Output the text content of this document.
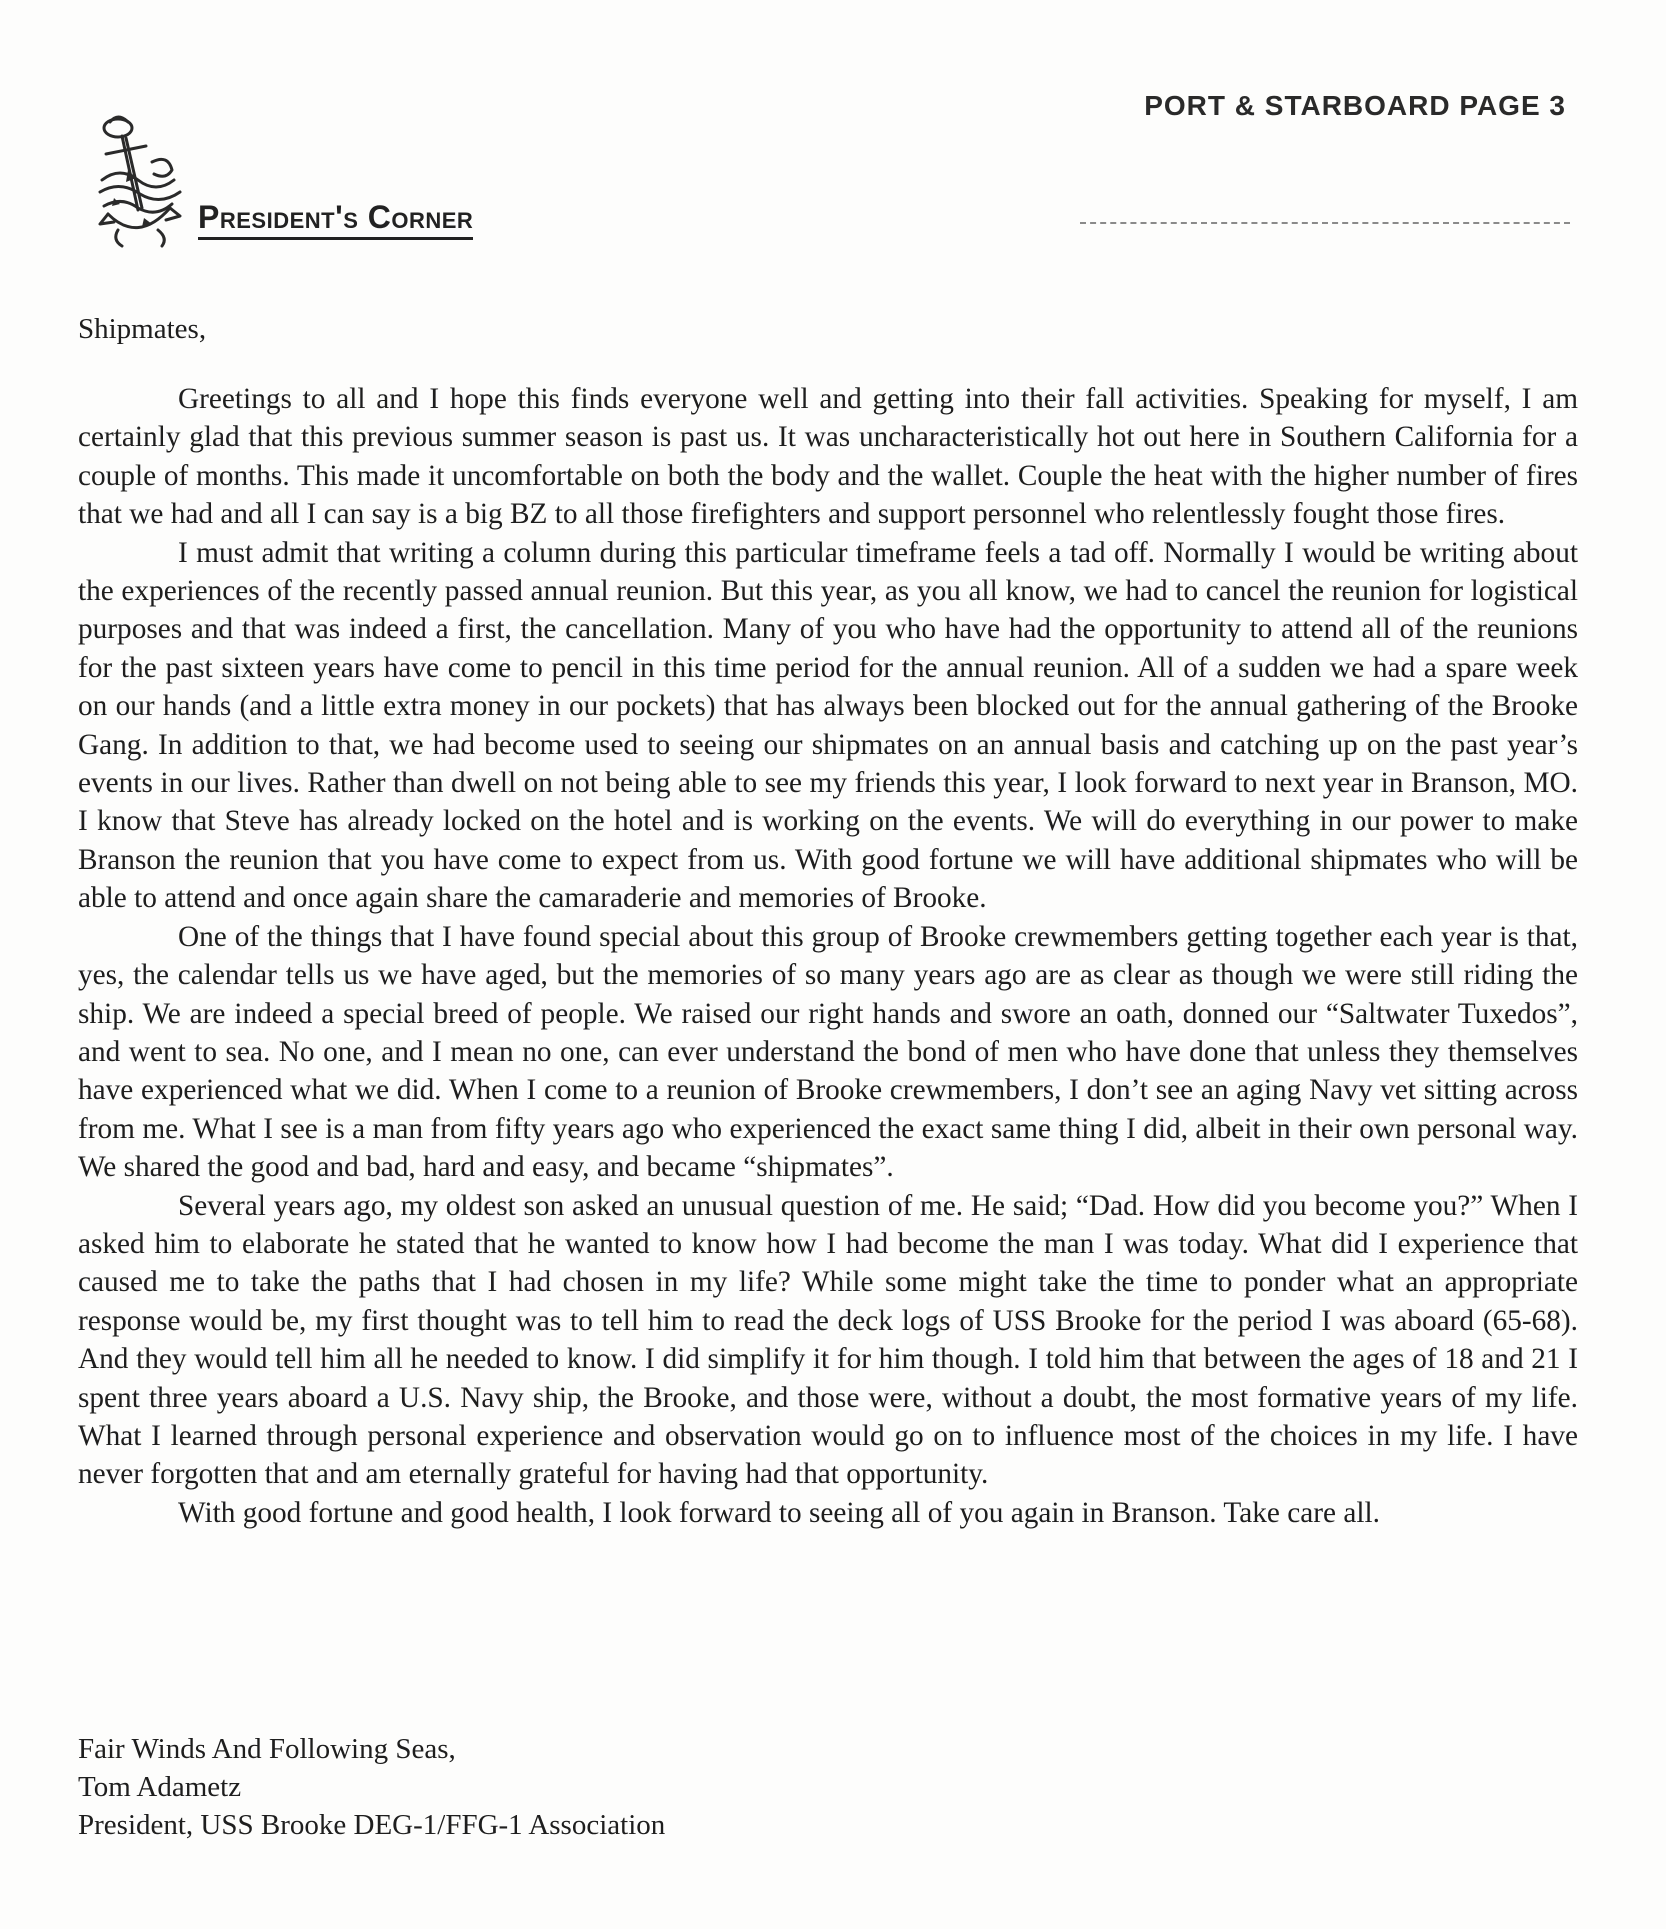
PORT & STARBOARD PAGE 3
President's Corner
Shipmates,

Greetings to all and I hope this finds everyone well and getting into their fall activities. Speaking for myself, I am certainly glad that this previous summer season is past us. It was uncharacteristically hot out here in Southern California for a couple of months. This made it uncomfortable on both the body and the wallet. Couple the heat with the higher number of fires that we had and all I can say is a big BZ to all those firefighters and support personnel who relentlessly fought those fires.

I must admit that writing a column during this particular timeframe feels a tad off. Normally I would be writing about the experiences of the recently passed annual reunion. But this year, as you all know, we had to cancel the reunion for logistical purposes and that was indeed a first, the cancellation. Many of you who have had the opportunity to attend all of the reunions for the past sixteen years have come to pencil in this time period for the annual reunion. All of a sudden we had a spare week on our hands (and a little extra money in our pockets) that has always been blocked out for the annual gathering of the Brooke Gang. In addition to that, we had become used to seeing our shipmates on an annual basis and catching up on the past year’s events in our lives. Rather than dwell on not being able to see my friends this year, I look forward to next year in Branson, MO. I know that Steve has already locked on the hotel and is working on the events. We will do everything in our power to make Branson the reunion that you have come to expect from us. With good fortune we will have additional shipmates who will be able to attend and once again share the camaraderie and memories of Brooke.

One of the things that I have found special about this group of Brooke crewmembers getting together each year is that, yes, the calendar tells us we have aged, but the memories of so many years ago are as clear as though we were still riding the ship. We are indeed a special breed of people. We raised our right hands and swore an oath, donned our “Saltwater Tuxedos”, and went to sea. No one, and I mean no one, can ever understand the bond of men who have done that unless they themselves have experienced what we did. When I come to a reunion of Brooke crewmembers, I don’t see an aging Navy vet sitting across from me. What I see is a man from fifty years ago who experienced the exact same thing I did, albeit in their own personal way. We shared the good and bad, hard and easy, and became “shipmates”.

Several years ago, my oldest son asked an unusual question of me. He said; “Dad. How did you become you?” When I asked him to elaborate he stated that he wanted to know how I had become the man I was today. What did I experience that caused me to take the paths that I had chosen in my life? While some might take the time to ponder what an appropriate response would be, my first thought was to tell him to read the deck logs of USS Brooke for the period I was aboard (65-68). And they would tell him all he needed to know. I did simplify it for him though. I told him that between the ages of 18 and 21 I spent three years aboard a U.S. Navy ship, the Brooke, and those were, without a doubt, the most formative years of my life. What I learned through personal experience and observation would go on to influence most of the choices in my life. I have never forgotten that and am eternally grateful for having had that opportunity.

With good fortune and good health, I look forward to seeing all of you again in Branson. Take care all.

Fair Winds And Following Seas,
Tom Adametz
President, USS Brooke DEG-1/FFG-1 Association
